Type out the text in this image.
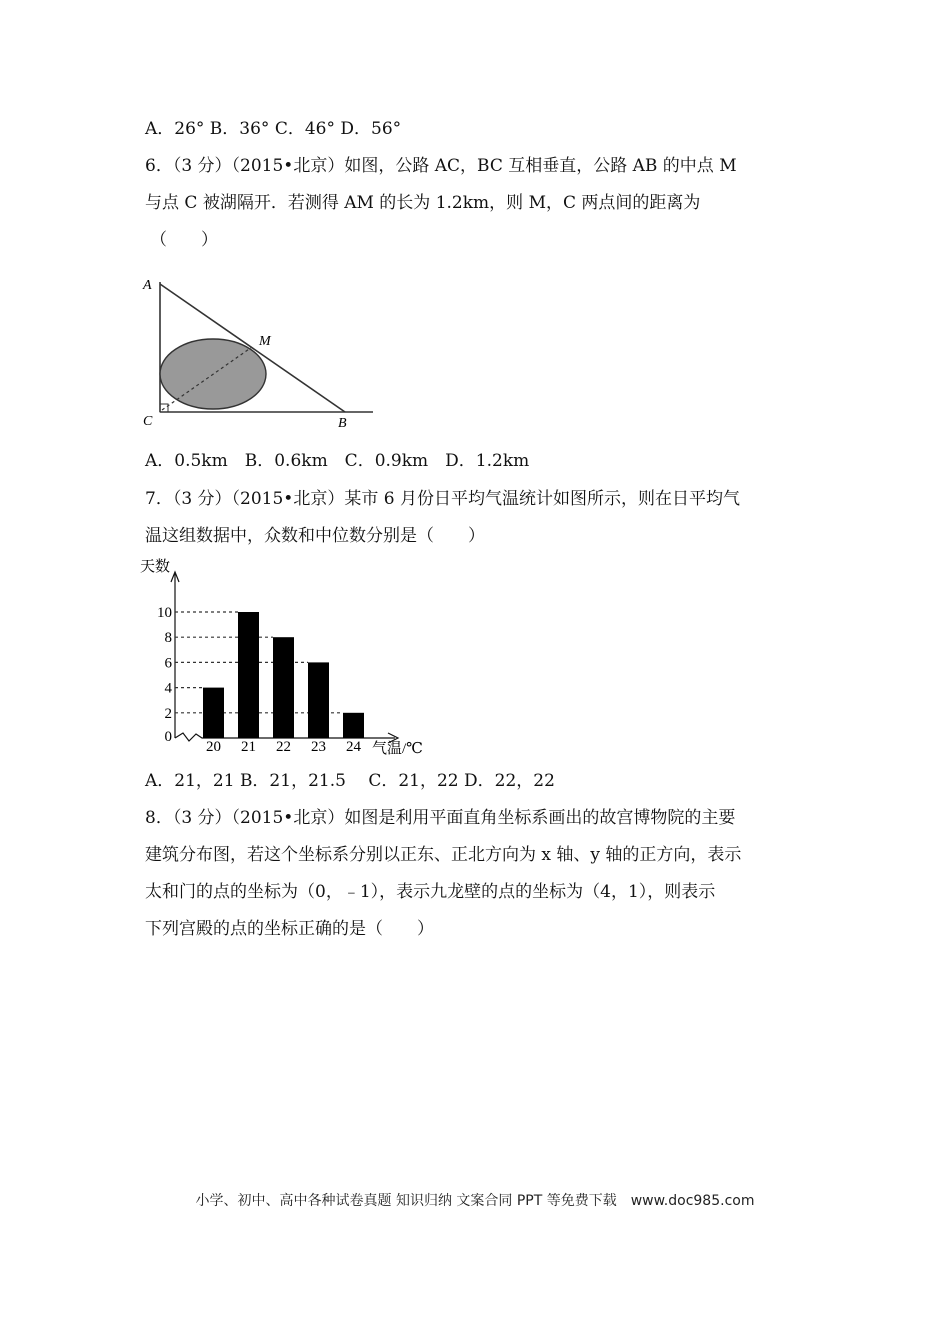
A．26° B．36° C．46° D．56°
6．（3 分）（2015•北京）如图，公路 AC，BC 互相垂直，公路 AB 的中点 M
与点 C 被湖隔开．若测得 AM 的长为 1.2km，则 M，C 两点间的距离为
（　　）
A
M
C	B
A．0.5km　B．0.6km　C．0.9km　D．1.2km
7．（3 分）（2015•北京）某市 6 月份日平均气温统计如图所示，则在日平均气
温这组数据中，众数和中位数分别是（　　）
天数
气温/℃
0
2
4
6
8
10
20 21 22 23 24
A．21，21 B．21，21.5　 C．21，22 D．22，22
8．（3 分）（2015•北京）如图是利用平面直角坐标系画出的故宫博物院的主要
建筑分布图，若这个坐标系分别以正东、正北方向为 x 轴、y 轴的正方向，表示
太和门的点的坐标为（0，﹣1），表示九龙壁的点的坐标为（4，1），则表示
下列宫殿的点的坐标正确的是（　　）
小学、初中、高中各种试卷真题 知识归纳 文案合同 PPT 等免费下载　www.doc985.com
